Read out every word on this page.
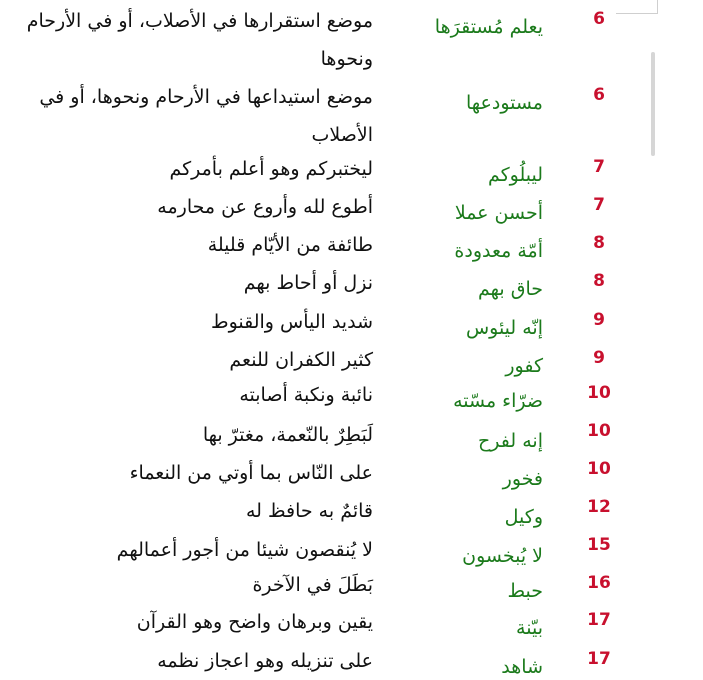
6
يعلم مُستقرَها
موضع استقرارها في الأصلاب، أو في الأرحام ونحوها
6
مستودعها
موضع استيداعها في الأرحام ونحوها، أو في الأصلاب
7
ليبلُوكم
ليختبركم وهو أعلم بأمركم
7
أحسن عملا
أطوع لله وأروع عن محارمه
8
أمّة معدودة
طائفة من الأيّام قليلة
8
حاق بهم
نزل أو أحاط بهم
9
إنّه ليئوس
شديد اليأس والقنوط
9
كفور
كثير الكفران للنعم
10
ضرّاء مسّته
نائبة ونكبة أصابته
10
إنه لفرح
لَبَطِرٌ بالنّعمة، مغترّ بها
10
فخور
على النّاس بما أوتي من النعماء
12
وكيل
قائمٌ به حافظ له
15
لا يُبخسون
لا يُنقصون شيئا من أجور أعمالهم
16
حبط
بَطَلَ في الآخرة
17
بيّنة
يقين وبرهان واضح وهو القرآن
17
شاهد
على تنزيله وهو اعجاز نظمه
